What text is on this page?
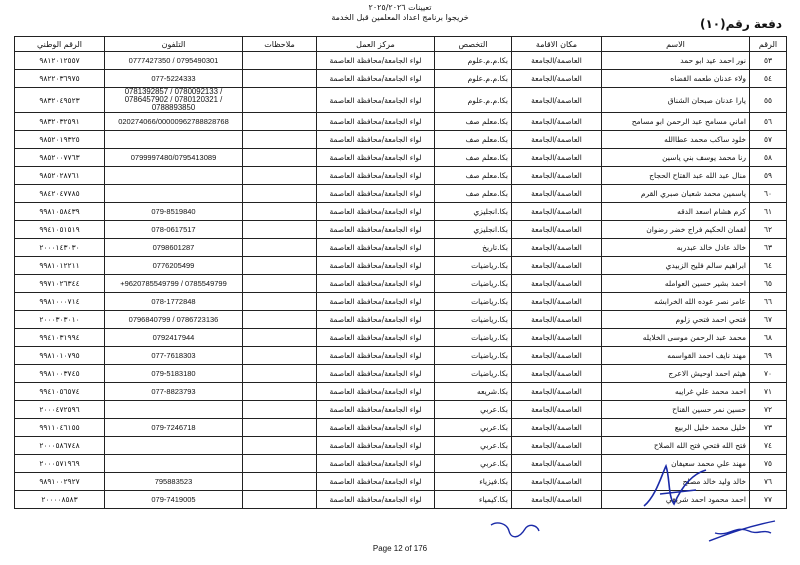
تعيينات ٢٠٢٥/٢٠٢٦
خريجوا برنامج اعداد المعلمين قبل الخدمة	دفعة رقم(١٠)
الرقم	الاسم	مكان الاقامة	التخصص	مركز العمل	ملاحظات	التلفون	الرقم الوطني
٥٣	نور احمد عيد ابو حمد	العاصمة/الجامعة	بكا.م.م.علوم	لواء الجامعة/محافظة العاصمة		0777427350 / 0795490301	٩٨١٢٠١٢٥٥٧
٥٤	ولاء عدنان طعمه القضاه	العاصمة/الجامعة	بكا.م.م.علوم	لواء الجامعة/محافظة العاصمة		077-5224333	٩٨٢٢٠٣٦٩٧٥
٥٥	يارا عدنان صبحان الشناق	العاصمة/الجامعة	بكا.م.م.علوم	لواء الجامعة/محافظة العاصمة		0781392857 / 0780092133 / 0786457902 / 0780120321 / 0788893850	٩٨٣٢٠٤٩٥٢٣
٥٦	اماني مسامح عبد الرحمن ابو مسامح	العاصمة/الجامعة	بكا.معلم صف	لواء الجامعة/محافظة العاصمة		020274066/00000962788828768	٩٨٣٢٠٣٢٥٩١
٥٧	خلود ساكب محمد عطاالله	العاصمة/الجامعة	بكا.معلم صف	لواء الجامعة/محافظة العاصمة			٩٨٥٢٠١٩٣٢٥
٥٨	رنا محمد يوسف بني ياسين	العاصمة/الجامعة	بكا.معلم صف	لواء الجامعة/محافظة العاصمة		0799997480/0795413089	٩٨٥٢٠٠٧٧٦٣
٥٩	منال عبد الله عبد الفتاح الحجاج	العاصمة/الجامعة	بكا.معلم صف	لواء الجامعة/محافظة العاصمة			٩٨٥٢٠٢٨٧٦١
٦٠	ياسمين محمد شعبان صبري القرم	العاصمة/الجامعة	بكا.معلم صف	لواء الجامعة/محافظة العاصمة			٩٨٤٢٠٤٧٧٨٥
٦١	كرم هشام اسعد الدقه	العاصمة/الجامعة	بكا.انجليزي	لواء الجامعة/محافظة العاصمة		079-8519840	٩٩٨١٠٥٨٤٣٩
٦٢	لقمان الحكيم فراج خضر رضوان	العاصمة/الجامعة	بكا.انجليزي	لواء الجامعة/محافظة العاصمة		078-0617517	٩٩٤١٠٥١٥١٩
٦٣	خالد عادل خالد عبدربه	العاصمة/الجامعة	بكا.تاريخ	لواء الجامعة/محافظة العاصمة		0798601287	٢٠٠٠١٤٣٠٣٠
٦٤	ابراهيم سالم فليح الزبيدي	العاصمة/الجامعة	بكا.رياضيات	لواء الجامعة/محافظة العاصمة		0776205499	٩٩٨١٠١٢٢١١
٦٥	احمد بشير حسين العوامله	العاصمة/الجامعة	بكا.رياضيات	لواء الجامعة/محافظة العاصمة		+9620785549799 / 0785549799	٩٩٧١٠٢٦٣٤٤
٦٦	عامر نصر عوده الله الخرابشه	العاصمة/الجامعة	بكا.رياضيات	لواء الجامعة/محافظة العاصمة		078-1772848	٩٩٨١٠٠٠٧١٤
٦٧	فتحي احمد فتحي زلوم	العاصمة/الجامعة	بكا.رياضيات	لواء الجامعة/محافظة العاصمة		0796840799 / 0786723136	٢٠٠٠٣٠٣٠١٠
٦٨	محمد عبد الرحمن موسى الخلايله	العاصمة/الجامعة	بكا.رياضيات	لواء الجامعة/محافظة العاصمة		0792417944	٩٩٤١٠٣١٩٩٤
٦٩	مهند نايف احمد القواسمه	العاصمة/الجامعة	بكا.رياضيات	لواء الجامعة/محافظة العاصمة		077-7618303	٩٩٨١٠١٠٧٩٥
٧٠	هيثم احمد اوحيش الاعرج	العاصمة/الجامعة	بكا.رياضيات	لواء الجامعة/محافظة العاصمة		079-5183180	٩٩٨١٠٠٣٧٤٥
٧١	احمد محمد علي غرايبه	العاصمة/الجامعة	بكا.شريعه	لواء الجامعة/محافظة العاصمة		077-8823793	٩٩٤١٠٥٦٥٧٤
٧٢	حسين نمر حسين القناح	العاصمة/الجامعة	بكا.عربي	لواء الجامعة/محافظة العاصمة			٢٠٠٠٤٧٢٥٩٦
٧٣	خليل محمد خليل الربيع	العاصمة/الجامعة	بكا.عربي	لواء الجامعة/محافظة العاصمة		079-7246718	٩٩١١٠٤٦١٥٥
٧٤	فتح الله فتحي فتح الله الصلاح	العاصمة/الجامعة	بكا.عربي	لواء الجامعة/محافظة العاصمة			٢٠٠٠٥٨٦٧٤٨
٧٥	مهند علي محمد سعيفان	العاصمة/الجامعة	بكا.عربي	لواء الجامعة/محافظة العاصمة			٢٠٠٠٥٧١٩٦٩
٧٦	خالد وليد خالد مصلح	العاصمة/الجامعة	بكا.فيزياء	لواء الجامعة/محافظة العاصمة		795883523	٩٨٩١٠٠٢٩٢٧
٧٧	احمد محمود احمد شريقي	العاصمة/الجامعة	بكا.كيمياء	لواء الجامعة/محافظة العاصمة		079-7419005	٢٠٠٠٠٨٥٨٣
Page 12 of 176
